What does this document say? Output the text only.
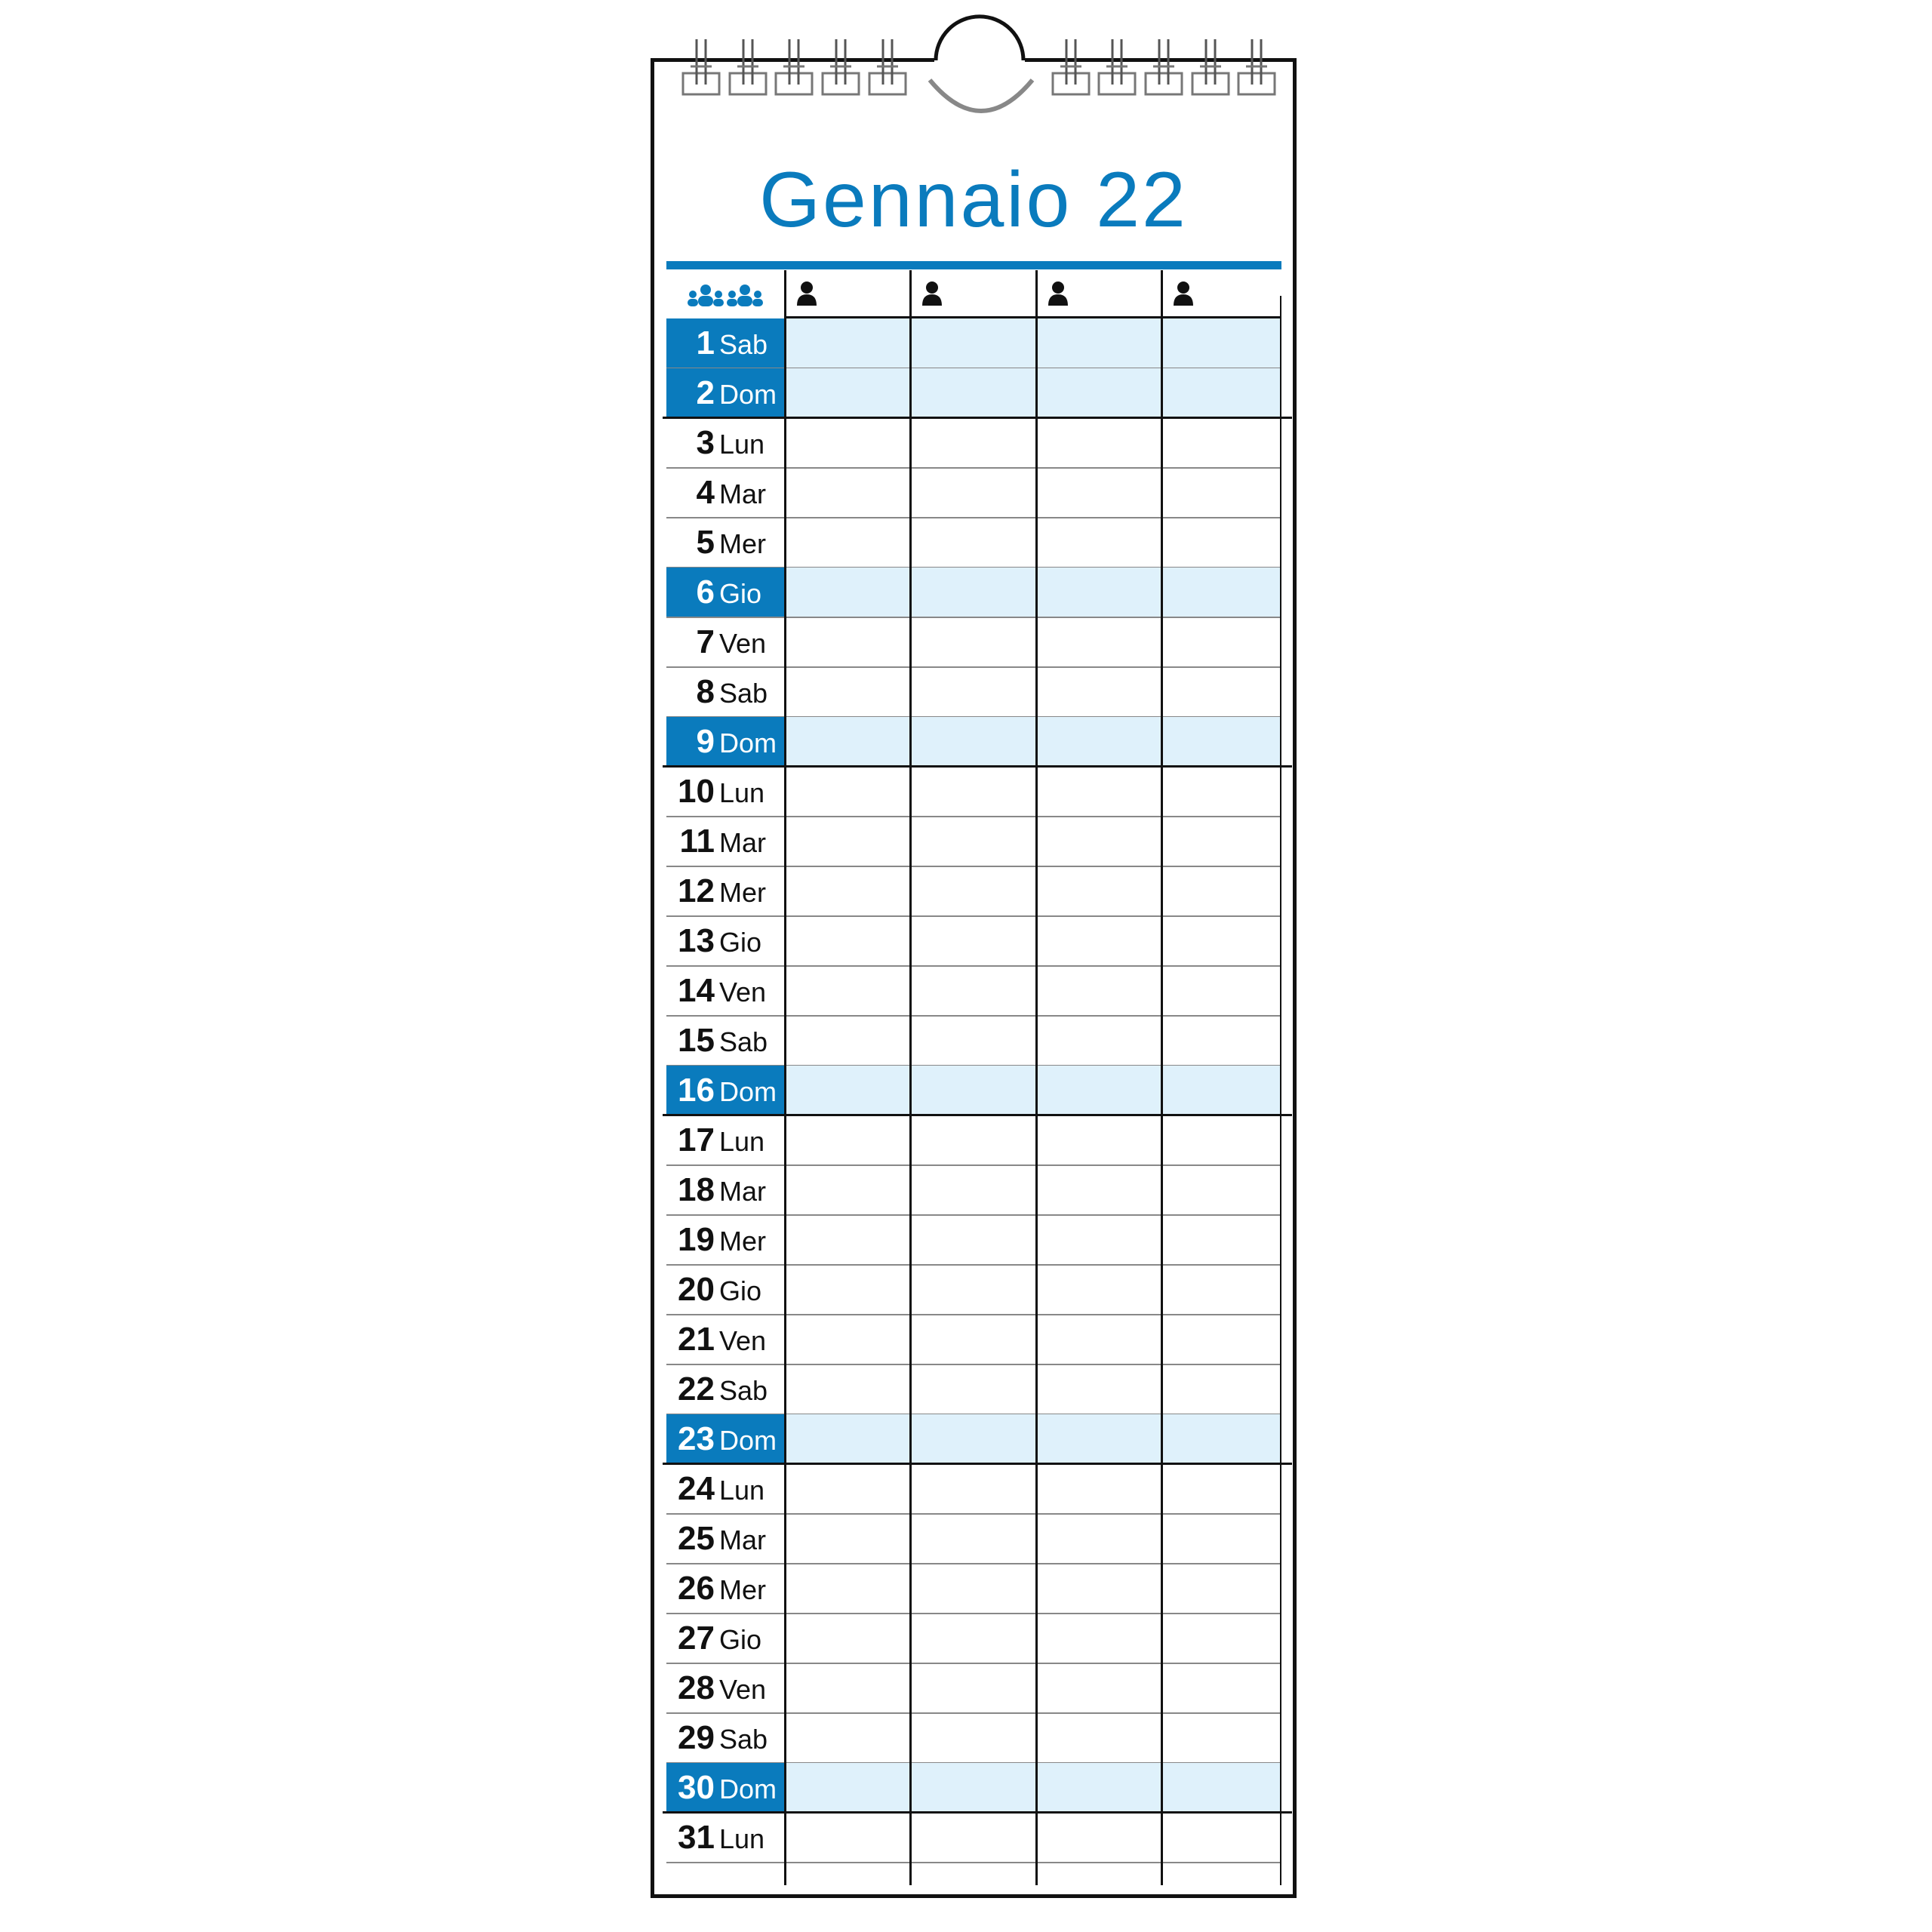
Gennaio 22
1 Sab
2 Dom
3 Lun
4 Mar
5 Mer
6 Gio
7 Ven
8 Sab
9 Dom
10 Lun
11 Mar
12 Mer
13 Gio
14 Ven
15 Sab
16 Dom
17 Lun
18 Mar
19 Mer
20 Gio
21 Ven
22 Sab
23 Dom
24 Lun
25 Mar
26 Mer
27 Gio
28 Ven
29 Sab
30 Dom
31 Lun
